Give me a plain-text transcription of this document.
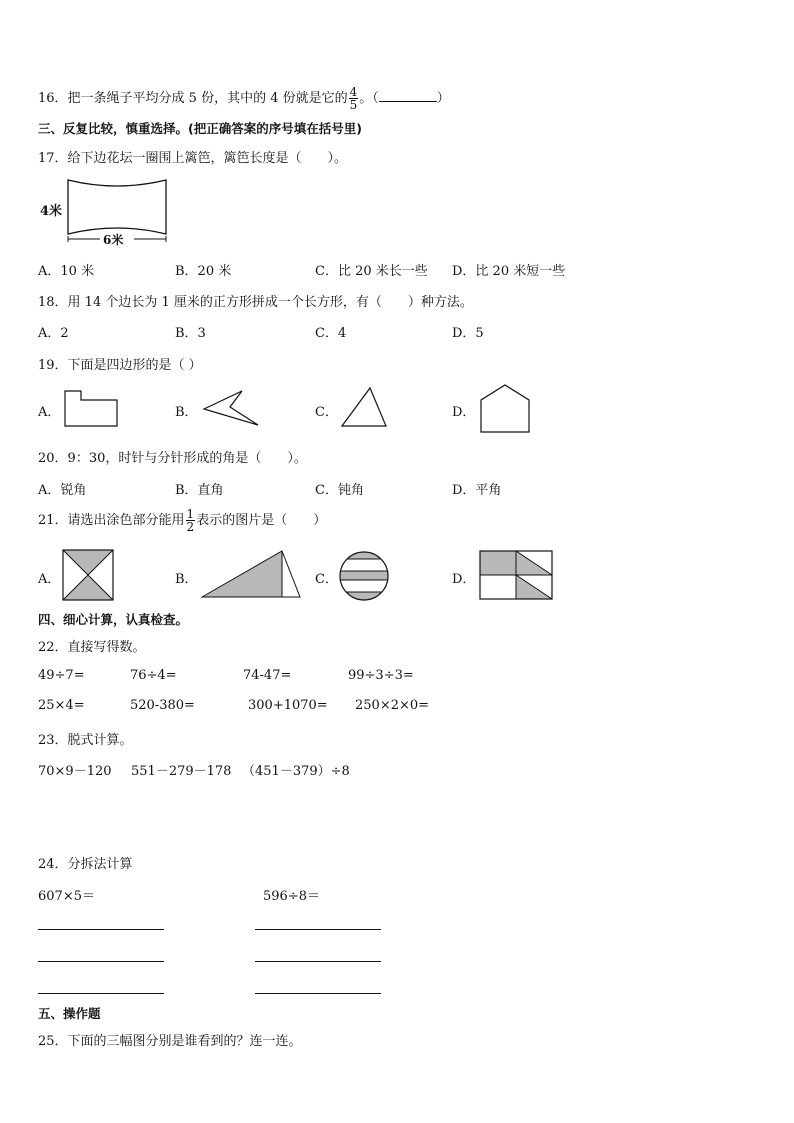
16．把一条绳子平均分成 5 份，其中的 4 份就是它的 $\frac{4}{5}$ 。（	）
三、反复比较，慎重选择。(把正确答案的序号填在括号里)
17．给下边花坛一圈围上篱笆，篱笆长度是（　　）。
4米
6米
A．10 米	B．20 米	C．比 20 米长一些 D．比 20 米短一些
18．用 14 个边长为 1 厘米的正方形拼成一个长方形，有（　　）种方法。
A．2	B．3	C．4	D．5
19．下面是四边形的是（ ）
A．	B．	C．	D．
20．9：30，时针与分针形成的角是（　　）。
A．锐角	B．直角	C．钝角	D．平角
21．请选出涂色部分能用 $\frac{1}{2}$ 表示的图片是（　　）
A．	B．	C．	D．
四、细心计算，认真检查。
22．直接写得数。
49÷7=	76÷4=	74-47=	99÷3÷3=
25×4=	520-380=	300+1070= 250×2×0=
23．脱式计算。
70×9－120 551－279－178 （451－379）÷8
24．分拆法计算
607×5＝	596÷8＝
五、操作题
25．下面的三幅图分别是谁看到的？连一连。
